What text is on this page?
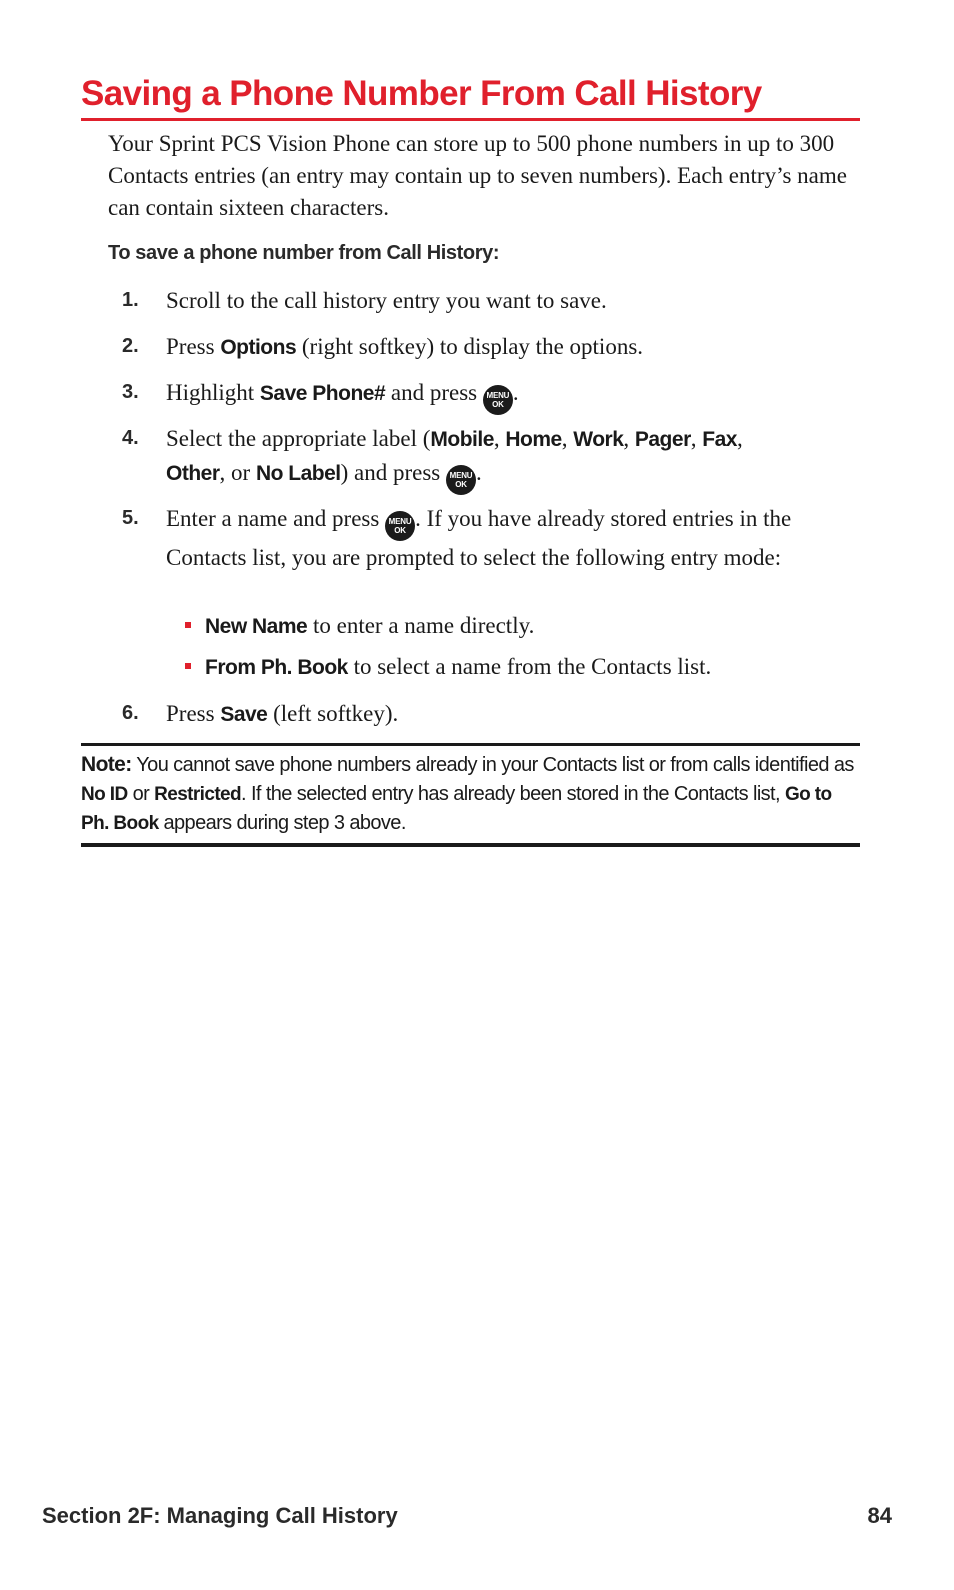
Saving a Phone Number From Call History

Your Sprint PCS Vision Phone can store up to 500 phone numbers in up to 300 Contacts entries (an entry may contain up to seven numbers). Each entry’s name can contain sixteen characters.

To save a phone number from Call History:
1.	Scroll to the call history entry you want to save.
2.	Press Options (right softkey) to display the options.
3.	Highlight Save Phone# and press MENU
OK .
4.	Select the appropriate label (Mobile, Home, Work, Pager, Fax,
Other, or No Label) and press MENU
OK .
5.	Enter a name and press MENU
OK . If you have already stored entries in the Contacts list, you are prompted to select the following entry mode:
New Name to enter a name directly.
From Ph. Book to select a name from the Contacts list.
6.	Press Save (left softkey).
Note: You cannot save phone numbers already in your Contacts list or from calls identified as No ID or Restricted. If the selected entry has already been stored in the Contacts list, Go to Ph. Book appears during step 3 above.
Section 2F: Managing Call History	84
